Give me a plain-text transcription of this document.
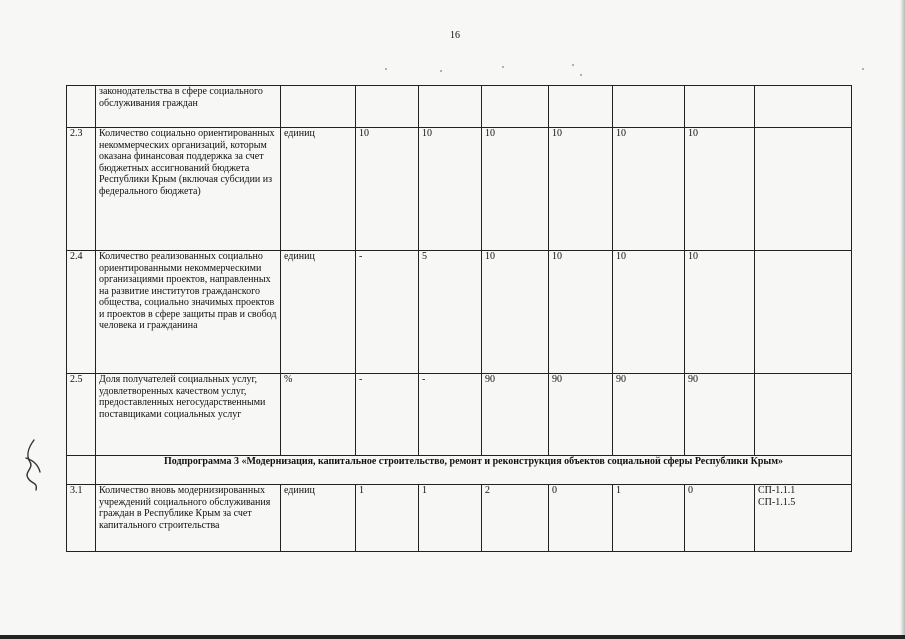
16
	законодательства в сфере социального обслуживания граждан								
2.3	Количество социально ориентированных некоммерческих организаций, которым оказана финансовая поддержка за счет бюджетных ассигнований бюджета Республики Крым (включая субсидии из федерального бюджета)	единиц	10	10	10	10	10	10	
2.4	Количество реализованных социально ориентированными некоммерческими организациями проектов, направленных на развитие институтов гражданского общества, социально значимых проектов и проектов в сфере защиты прав и свобод человека и гражданина	единиц	-	5	10	10	10	10	
2.5	Доля получателей социальных услуг, удовлетворенных качеством услуг, предоставленных негосударственными поставщиками социальных услуг	%	-	-	90	90	90	90	
	Подпрограмма 3 «Модернизация, капитальное строительство, ремонт и реконструкция объектов социальной сферы Республики Крым»								
3.1	Количество вновь модернизированных учреждений социального обслуживания граждан в Республике Крым за счет капитального строительства	единиц	1	1	2	0	1	0	СП-1.1.1
СП-1.1.5
